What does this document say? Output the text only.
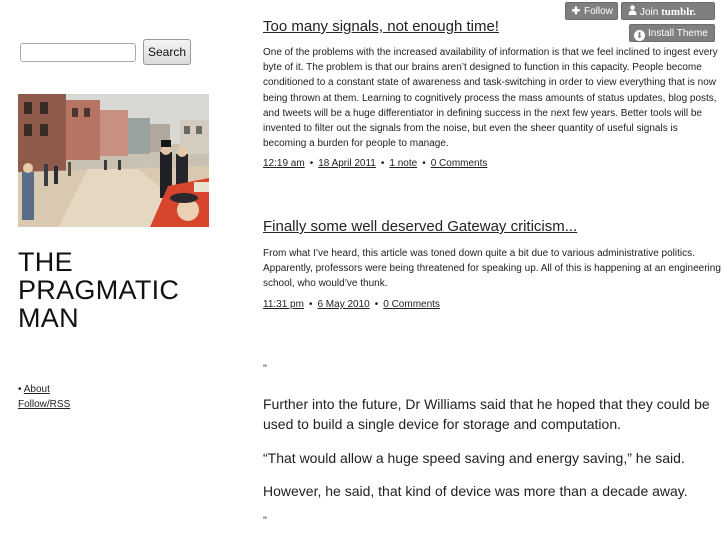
✚ Follow	Join tumblr.
⬇ Install Theme
Search
THE
PRAGMATIC
MAN
• About
Follow/RSS
Too many signals, not enough time!

One of the problems with the increased availability of information is that we feel inclined to ingest every byte of it. The problem is that our brains aren’t designed to function in this capacity. People become conditioned to a constant state of awareness and task-switching in order to view everything that is now being thrown at them. Learning to cognitively process the mass amounts of status updates, blog posts, and tweets will be a huge differentiator in defining success in the next few years. Better tools will be invented to filter out the signals from the noise, but even the sheer quantity of useful signals is becoming a burden for people to manage.

12:19 am • 18 April 2011 • 1 note • 0 Comments
Finally some well deserved Gateway criticism...

From what I’ve heard, this article was toned down quite a bit due to various administrative politics. Apparently, professors were being threatened for speaking up. All of this is happening at an engineering school, who would’ve thunk.

11:31 pm • 6 May 2010 • 0 Comments
"

Further into the future, Dr Williams said that he hoped that they could be used to build a single device for storage and computation.

“That would allow a huge speed saving and energy saving,” he said.

However, he said, that kind of device was more than a decade away.

"
